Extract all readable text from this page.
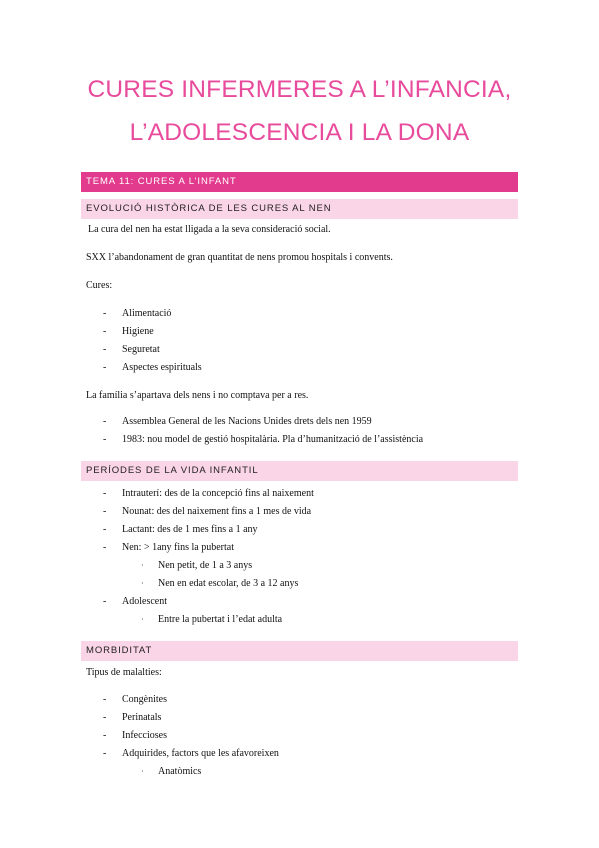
CURES INFERMERES A L’INFANCIA,
L’ADOLESCENCIA I LA DONA
TEMA 11: CURES A L’INFANT
EVOLUCIÓ HISTÒRICA DE LES CURES AL NEN
La cura del nen ha estat lligada a la seva consideració social.
SXX l’abandonament de gran quantitat de nens promou hospitals i convents.
Cures:
- Alimentació
- Higiene
- Seguretat
- Aspectes espirituals
La família s’apartava dels nens i no comptava per a res.
- Assemblea General de les Nacions Unides drets dels nen 1959
- 1983: nou model de gestió hospitalària. Pla d’humanització de l’assistència
PERÍODES DE LA VIDA INFANTIL
- Intrauterí: des de la concepció fins al naixement
- Nounat: des del naixement fins a 1 mes de vida
- Lactant: des de 1 mes fins a 1 any
- Nen: > 1any fins la pubertat
· Nen petit, de 1 a 3 anys
· Nen en edat escolar, de 3 a 12 anys
- Adolescent
· Entre la pubertat i l’edat adulta
MORBIDITAT
Tipus de malalties:
- Congènites
- Perinatals
- Infeccioses
- Adquirides, factors que les afavoreixen
· Anatòmics
